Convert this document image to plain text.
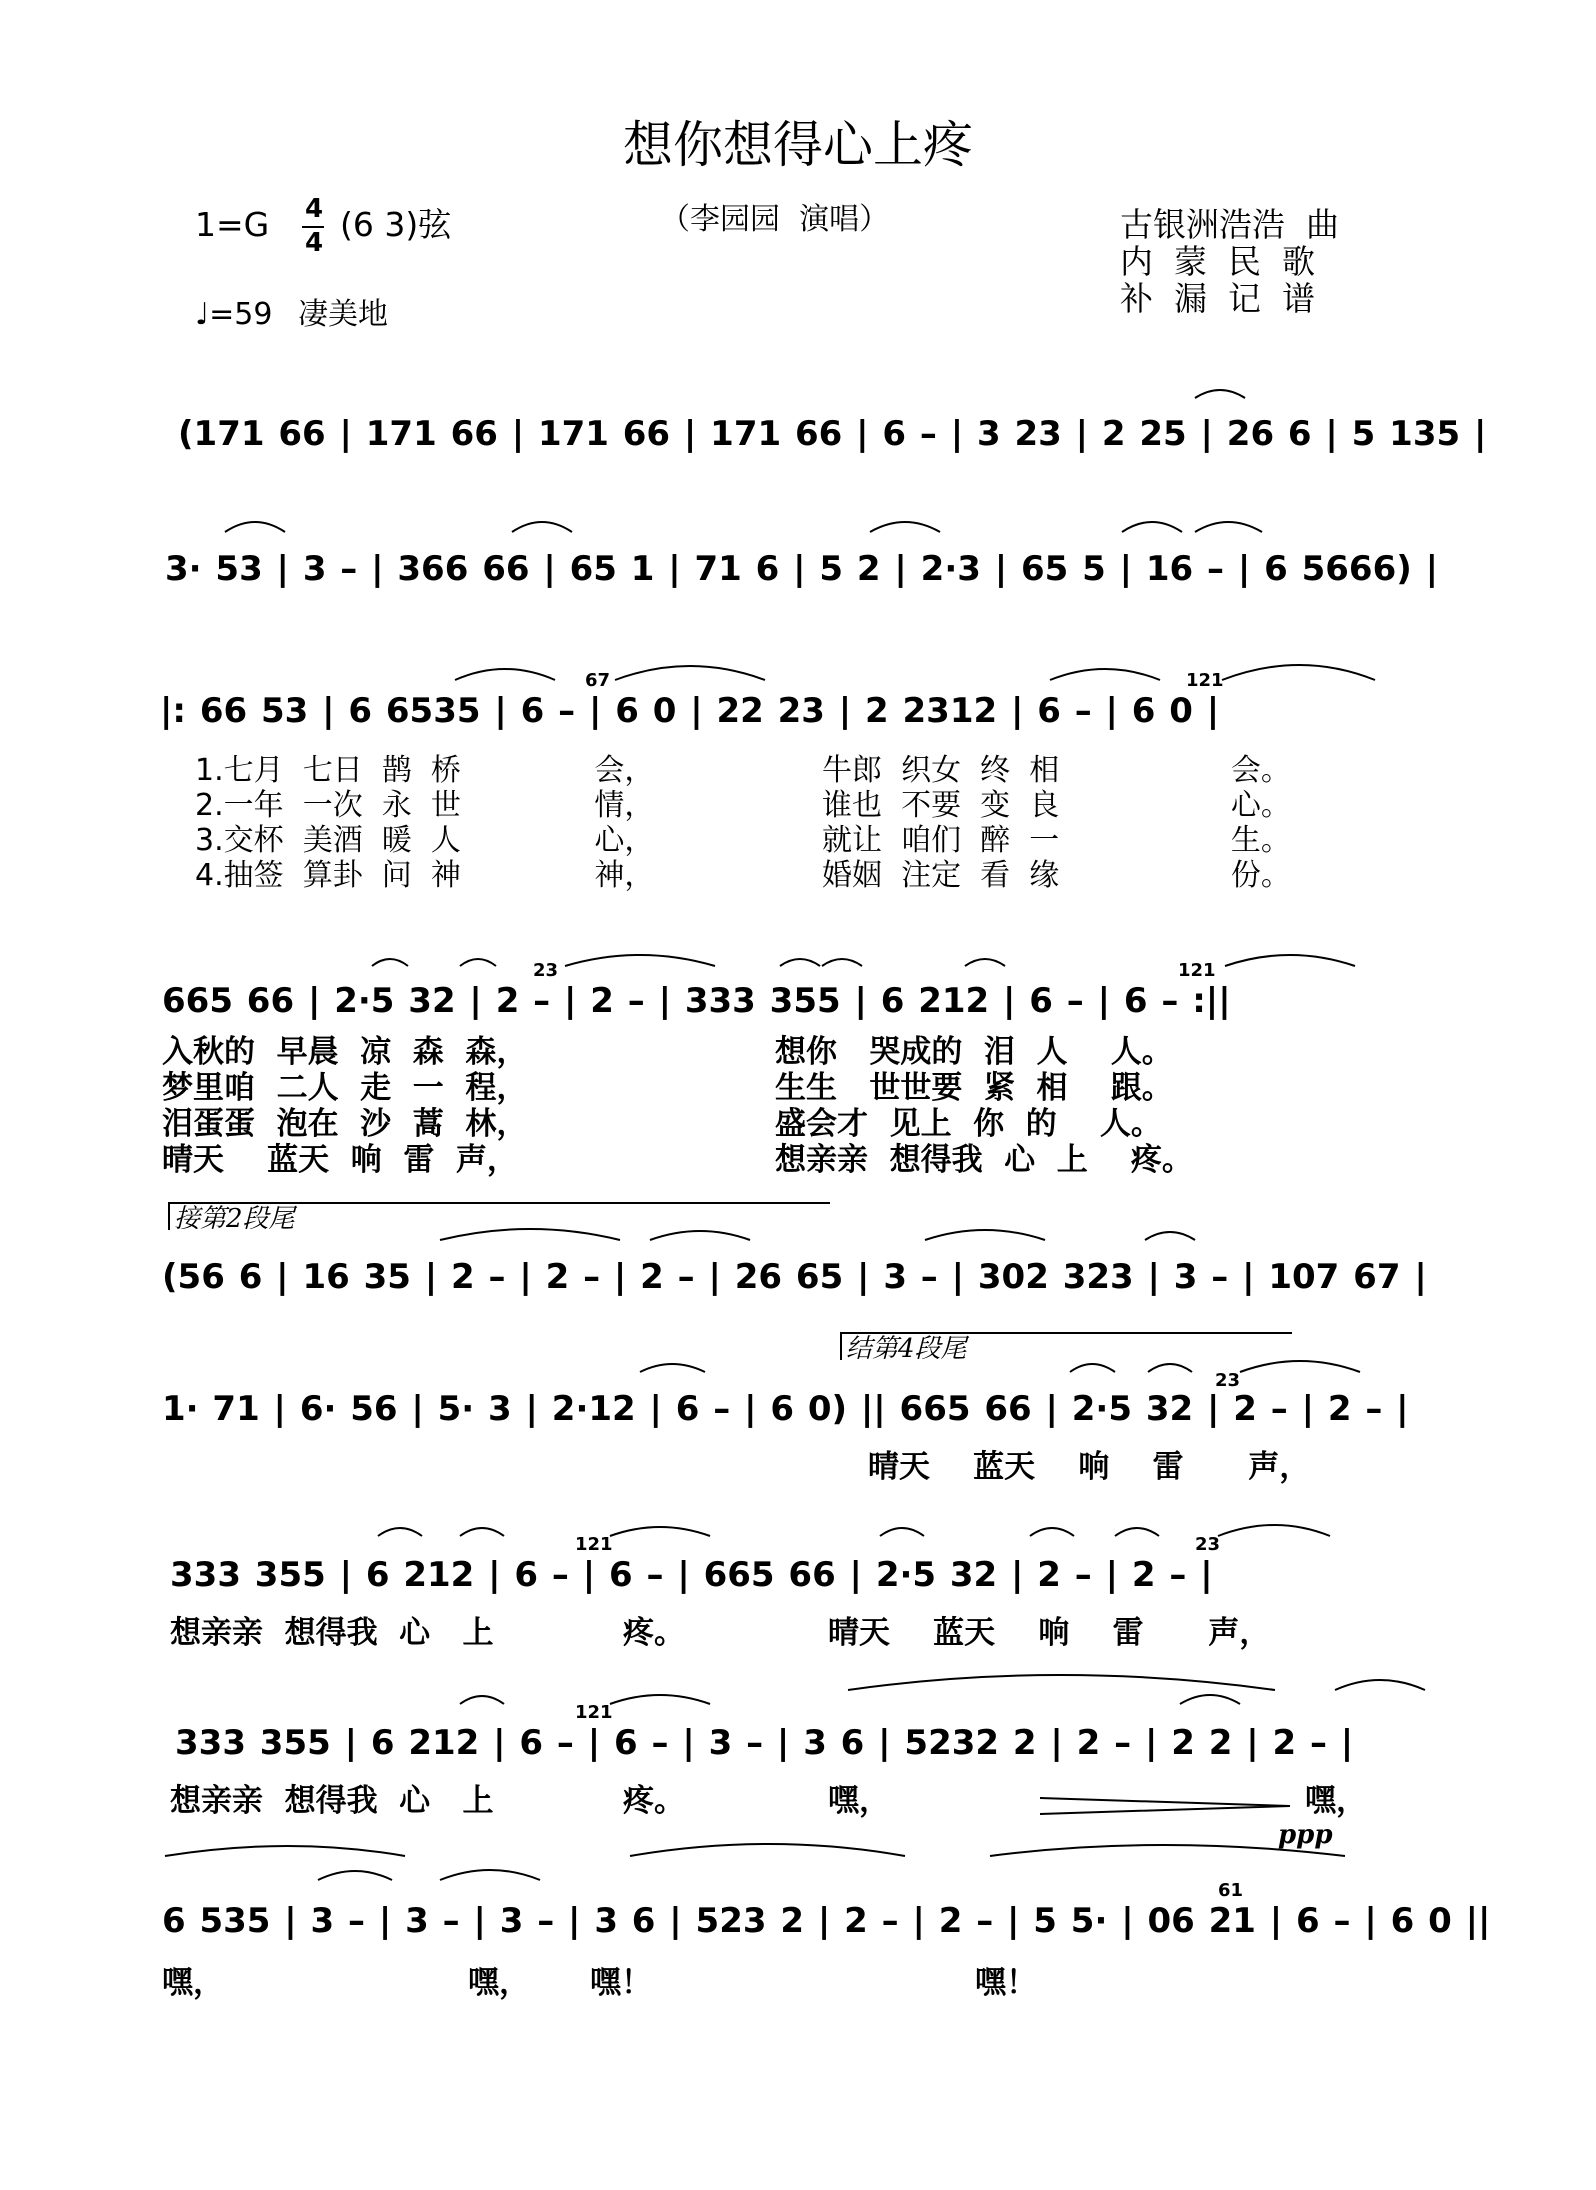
想你想得心上疼
1=G 4
4 (6 3)弦	（李园园  演唱）	古银洲浩浩  曲
内  蒙  民  歌
补  漏  记  谱
♩=59 凄美地
(171 66 | 171 66 | 171 66 | 171 66 | 6 – | 3 23 | 2 25 | 26 6 | 5 135 |
3· 53 | 3 – | 366 66 | 65 1 | 71 6 | 5 2 | 2·3 | 65 5 | 16 – | 6 5666) |
|: 66 53 | 6 6535 | 6 – | 6 0 | 22 23 | 2 2312 | 6 – | 6 0 |
665 66 | 2·5 32 | 2 – | 2 – | 333 355 | 6 212 | 6 – | 6 – :||
(56 6 | 16 35 | 2 – | 2 – | 2 – | 26 65 | 3 – | 302 323 | 3 – | 107 67 |
1· 71 | 6· 56 | 5· 3 | 2·12 | 6 – | 6 0) || 665 66 | 2·5 32 | 2 – | 2 – |
333 355 | 6 212 | 6 – | 6 – | 665 66 | 2·5 32 | 2 – | 2 – |
333 355 | 6 212 | 6 – | 6 – | 3 – | 3 6 | 5232 2 | 2 – | 2 2 | 2 – |
6 535 | 3 – | 3 – | 3 – | 3 6 | 523 2 | 2 – | 2 – | 5 5· | 06 21 | 6 – | 6 0 ||
67	121
23	121
23
121	23
121
61
1.七月  七日  鹊  桥              会，	牛郎  织女  终  相                  会。
2.一年  一次  永  世              情，	谁也  不要  变  良                  心。
3.交杯  美酒  暖  人              心，	就让  咱们  醉  一                  生。
4.抽签  算卦  问  神              神，	婚姻  注定  看  缘                  份。
入秋的  早晨  凉  森  森，	想你   哭成的  泪  人    人。
梦里咱  二人  走  一  程，	生生   世世要  紧  相    跟。
泪蛋蛋  泡在  沙  蒿  林，	盛会才  见上  你  的    人。
晴天    蓝天  响  雷  声，	想亲亲  想得我  心  上    疼。
晴天    蓝天    响    雷      声，
想亲亲  想得我  心   上            疼。	晴天    蓝天    响    雷      声，
想亲亲  想得我  心   上            疼。	嘿，	嘿，
嘿，	嘿， 嘿！	嘿！
接第2段尾
结第4段尾
ppp
